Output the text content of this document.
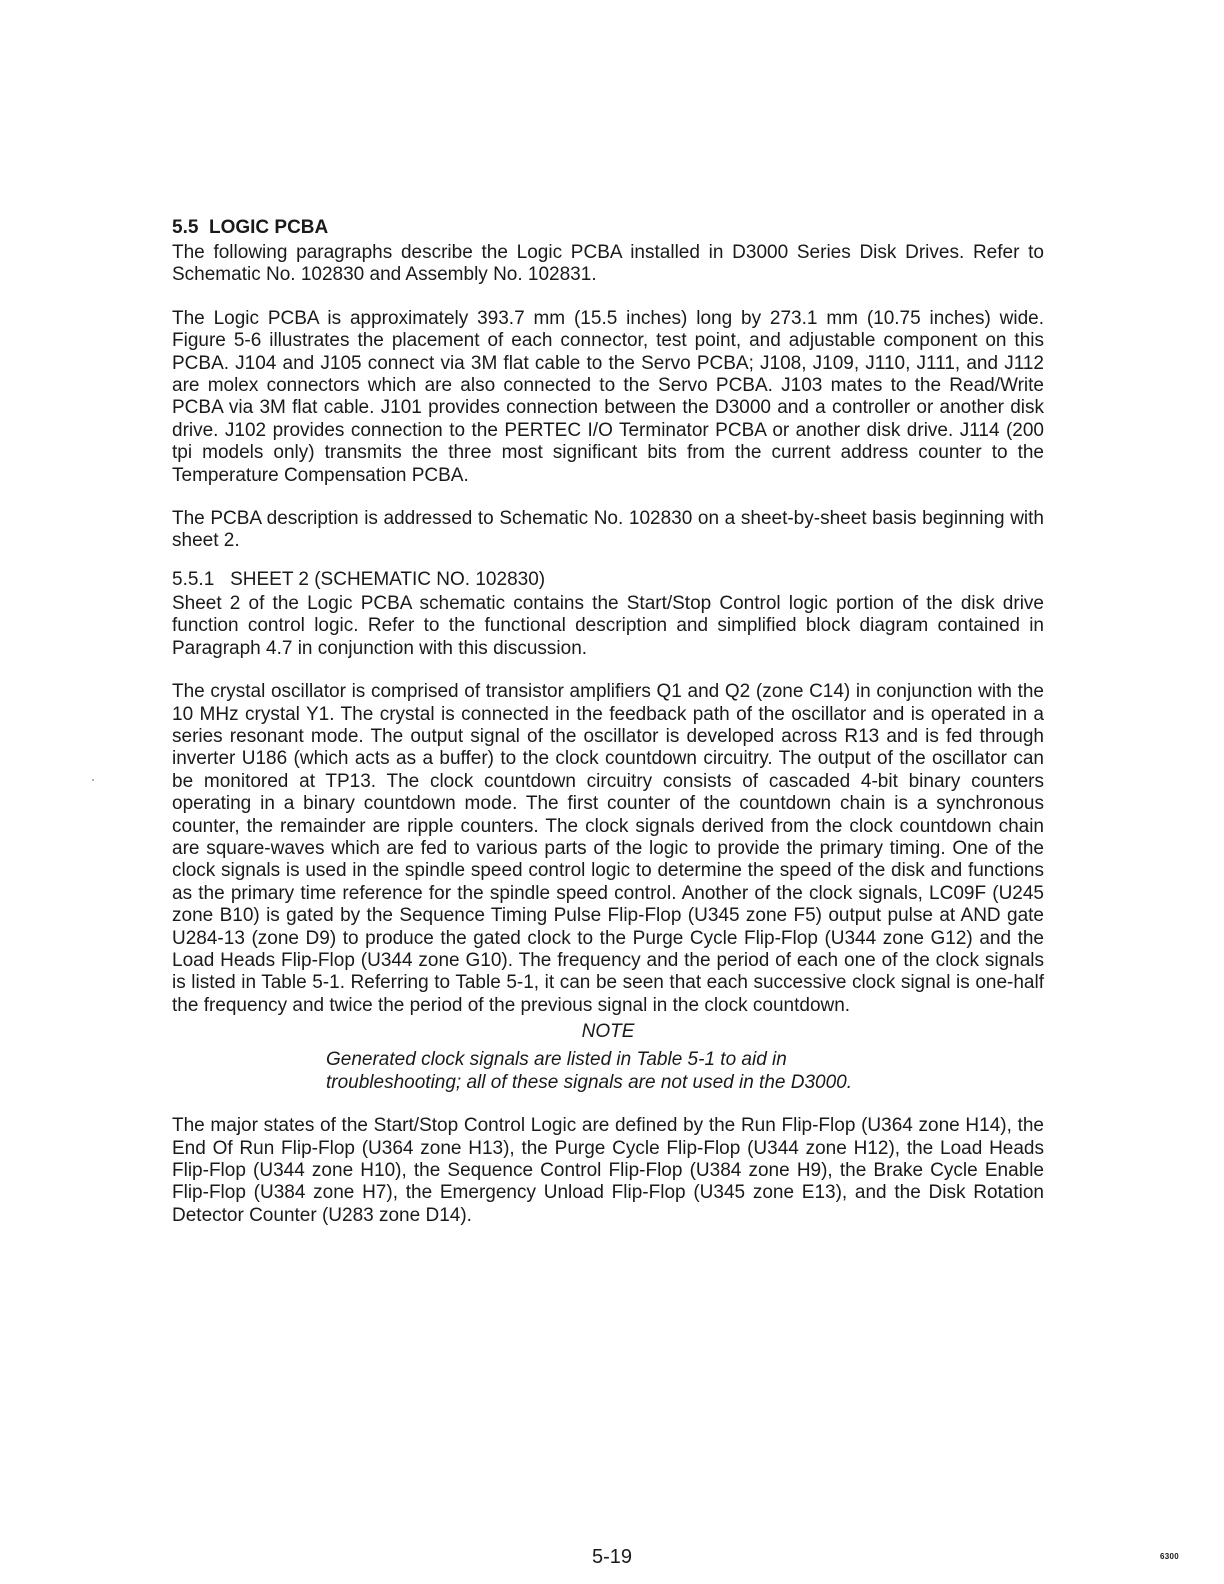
5.5  LOGIC PCBA

The following paragraphs describe the Logic PCBA installed in D3000 Series Disk Drives. Refer to Schematic No. 102830 and Assembly No. 102831.

The Logic PCBA is approximately 393.7 mm (15.5 inches) long by 273.1 mm (10.75 inches) wide. Figure 5-6 illustrates the placement of each connector, test point, and adjustable component on this PCBA. J104 and J105 connect via 3M flat cable to the Servo PCBA; J108, J109, J110, J111, and J112 are molex connectors which are also connected to the Servo PCBA. J103 mates to the Read/Write PCBA via 3M flat cable. J101 provides connection between the D3000 and a controller or another disk drive. J102 provides connection to the PERTEC I/O Terminator PCBA or another disk drive. J114 (200 tpi models only) transmits the three most significant bits from the current address counter to the Temperature Compensation PCBA.

The PCBA description is addressed to Schematic No. 102830 on a sheet-by-sheet basis beginning with sheet 2.

5.5.1   SHEET 2 (SCHEMATIC NO. 102830)

Sheet 2 of the Logic PCBA schematic contains the Start/Stop Control logic portion of the disk drive function control logic. Refer to the functional description and simplified block diagram contained in Paragraph 4.7 in conjunction with this discussion.

The crystal oscillator is comprised of transistor amplifiers Q1 and Q2 (zone C14) in conjunction with the 10 MHz crystal Y1. The crystal is connected in the feedback path of the oscillator and is operated in a series resonant mode. The output signal of the oscillator is developed across R13 and is fed through inverter U186 (which acts as a buffer) to the clock countdown circuitry. The output of the oscillator can be monitored at TP13. The clock countdown circuitry consists of cascaded 4-bit binary counters operating in a binary countdown mode. The first counter of the countdown chain is a synchronous counter, the remainder are ripple counters. The clock signals derived from the clock countdown chain are square-waves which are fed to various parts of the logic to provide the primary timing. One of the clock signals is used in the spindle speed control logic to determine the speed of the disk and functions as the primary time reference for the spindle speed control. Another of the clock signals, LC09F (U245 zone B10) is gated by the Sequence Timing Pulse Flip-Flop (U345 zone F5) output pulse at AND gate U284-13 (zone D9) to produce the gated clock to the Purge Cycle Flip-Flop (U344 zone G12) and the Load Heads Flip-Flop (U344 zone G10). The frequency and the period of each one of the clock signals is listed in Table 5-1. Referring to Table 5-1, it can be seen that each successive clock signal is one-half the frequency and twice the period of the previous signal in the clock countdown.

NOTE
Generated clock signals are listed in Table 5-1 to aid in troubleshooting; all of these signals are not used in the D3000.

The major states of the Start/Stop Control Logic are defined by the Run Flip-Flop (U364 zone H14), the End Of Run Flip-Flop (U364 zone H13), the Purge Cycle Flip-Flop (U344 zone H12), the Load Heads Flip-Flop (U344 zone H10), the Sequence Control Flip-Flop (U384 zone H9), the Brake Cycle Enable Flip-Flop (U384 zone H7), the Emergency Unload Flip-Flop (U345 zone E13), and the Disk Rotation Detector Counter (U283 zone D14).

5-19	6300
